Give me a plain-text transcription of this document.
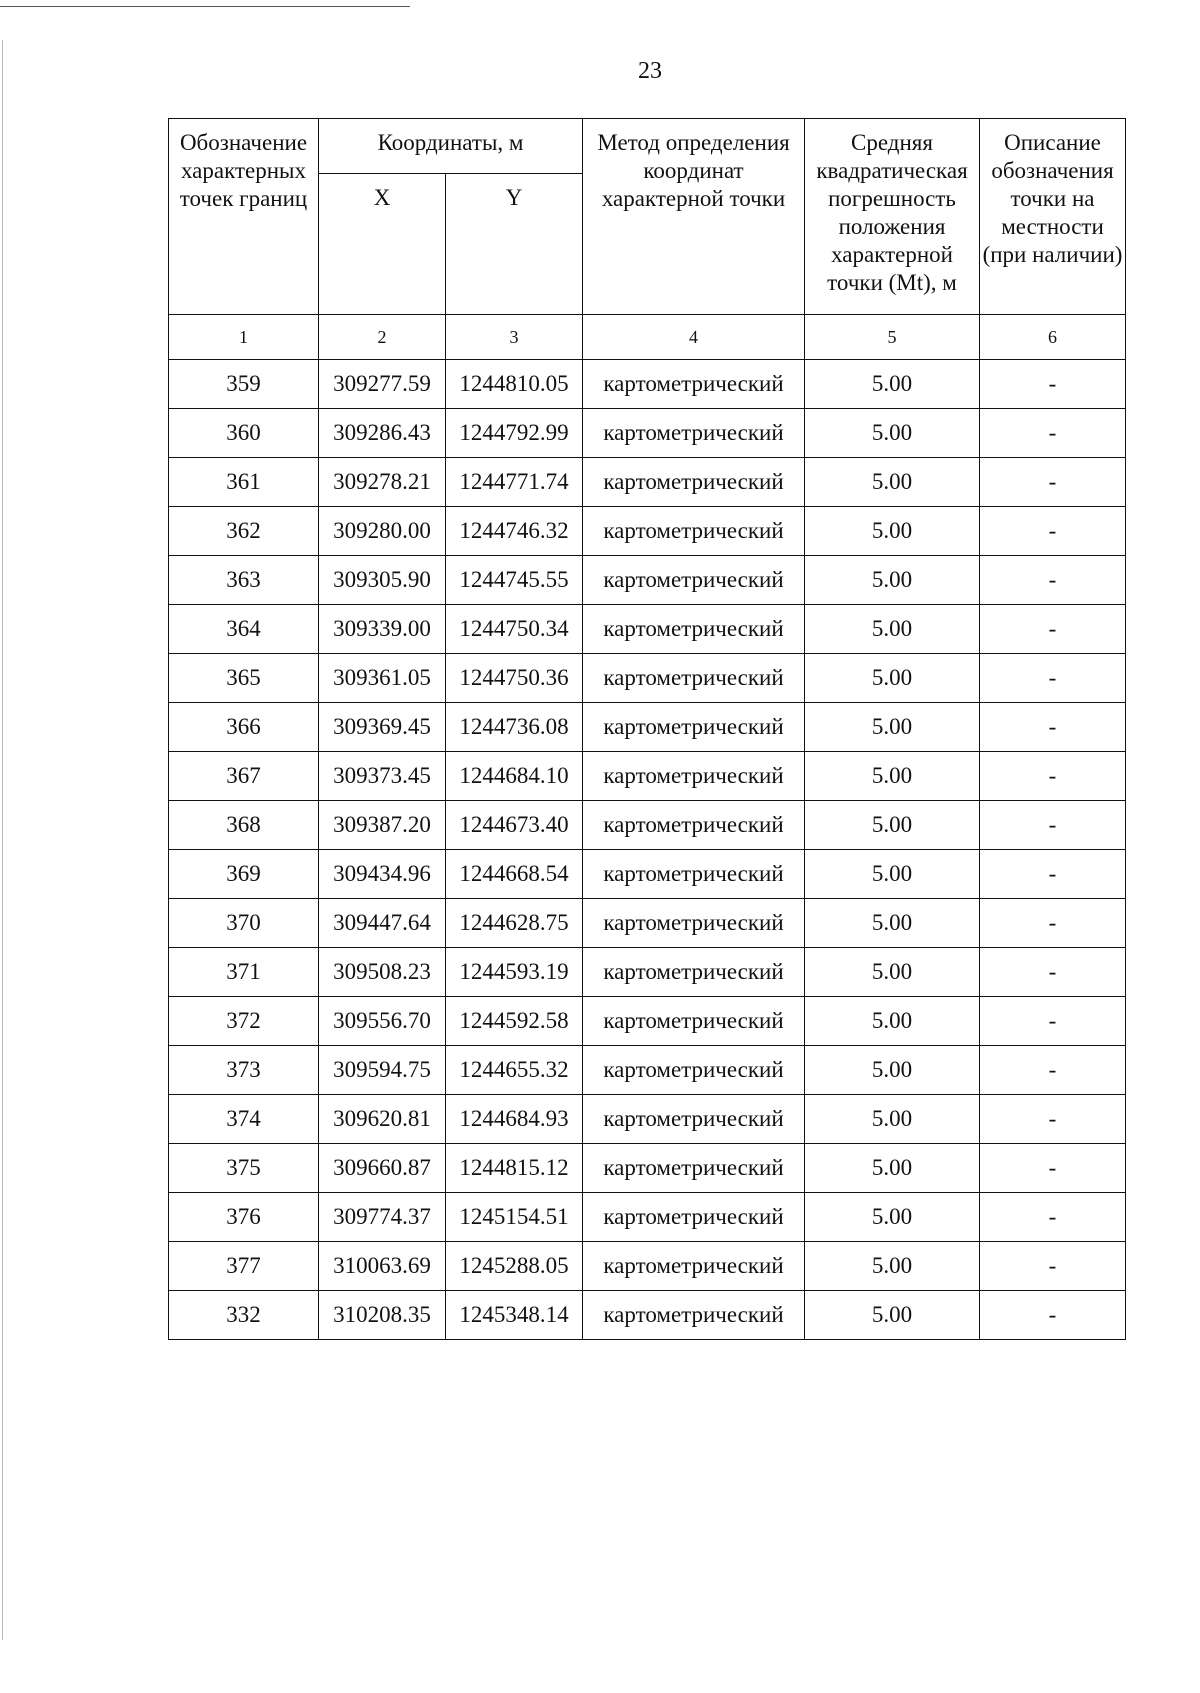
23
Обозначение характерных точек границ	Координаты, м		Метод определения координат характерной точки	Средняя квадратическая погрешность положения характерной точки (Mt), м	Описание обозначения точки на местности (при наличии)
	X	Y			
1	2	3	4	5	6
359	309277.59	1244810.05	картометрический	5.00	-
360	309286.43	1244792.99	картометрический	5.00	-
361	309278.21	1244771.74	картометрический	5.00	-
362	309280.00	1244746.32	картометрический	5.00	-
363	309305.90	1244745.55	картометрический	5.00	-
364	309339.00	1244750.34	картометрический	5.00	-
365	309361.05	1244750.36	картометрический	5.00	-
366	309369.45	1244736.08	картометрический	5.00	-
367	309373.45	1244684.10	картометрический	5.00	-
368	309387.20	1244673.40	картометрический	5.00	-
369	309434.96	1244668.54	картометрический	5.00	-
370	309447.64	1244628.75	картометрический	5.00	-
371	309508.23	1244593.19	картометрический	5.00	-
372	309556.70	1244592.58	картометрический	5.00	-
373	309594.75	1244655.32	картометрический	5.00	-
374	309620.81	1244684.93	картометрический	5.00	-
375	309660.87	1244815.12	картометрический	5.00	-
376	309774.37	1245154.51	картометрический	5.00	-
377	310063.69	1245288.05	картометрический	5.00	-
332	310208.35	1245348.14	картометрический	5.00	-
